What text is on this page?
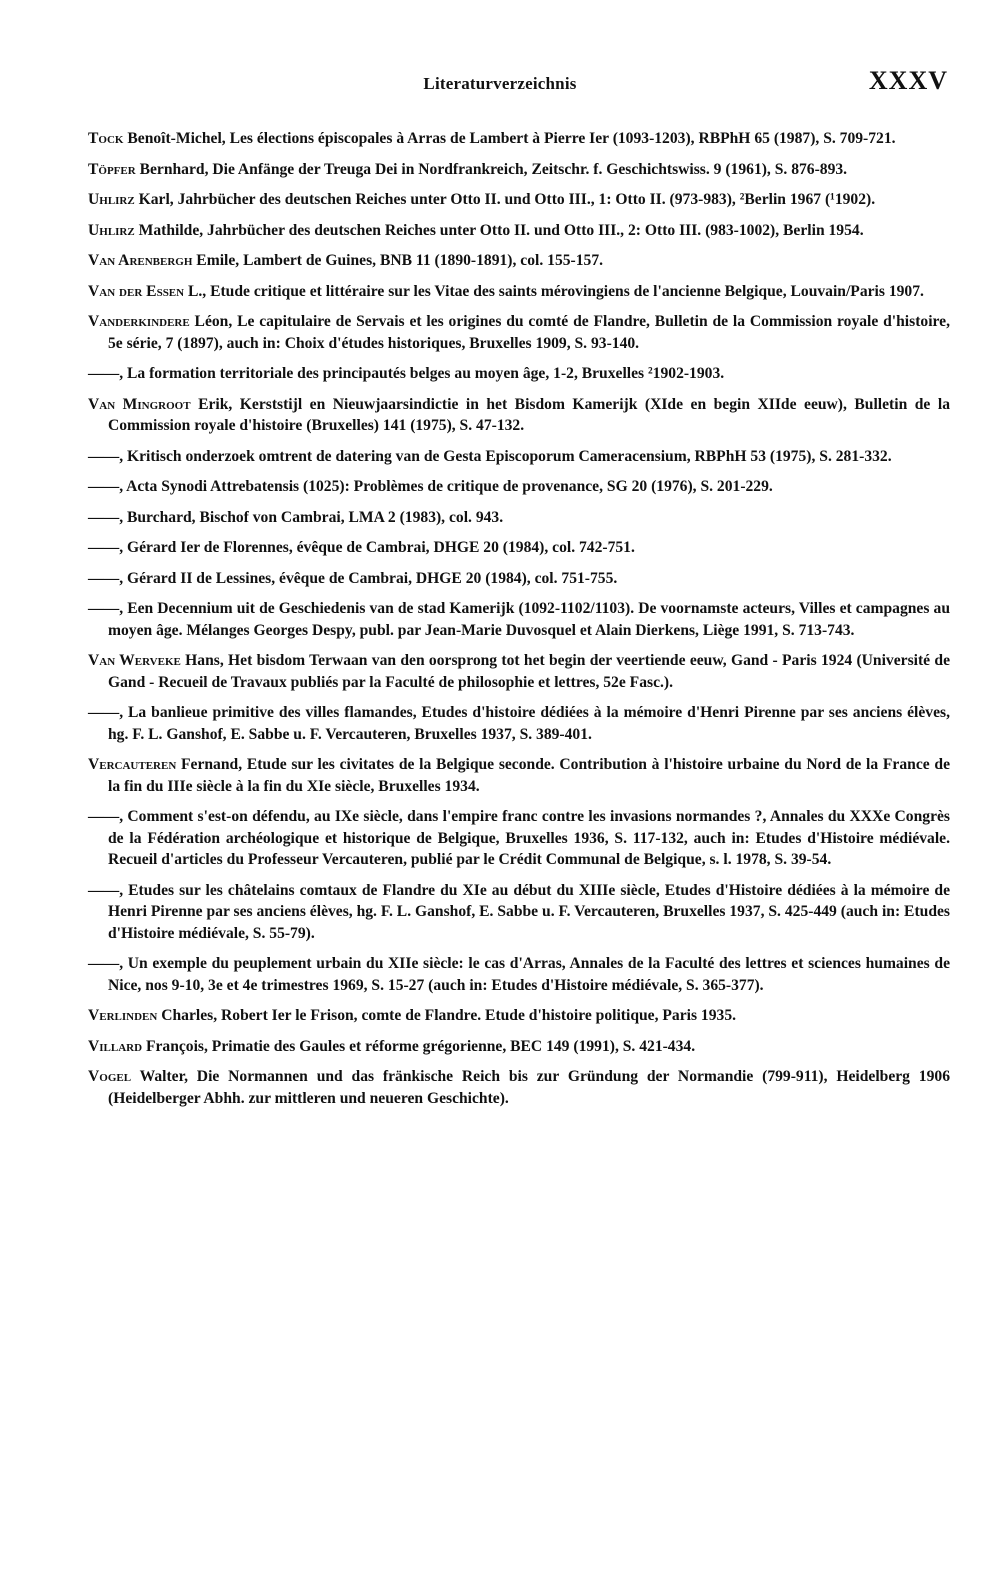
Literaturverzeichnis	XXXV

Tock Benoît-Michel, Les élections épiscopales à Arras de Lambert à Pierre Ier (1093-1203), RBPhH 65 (1987), S. 709-721.

Töpfer Bernhard, Die Anfänge der Treuga Dei in Nordfrankreich, Zeitschr. f. Geschichtswiss. 9 (1961), S. 876-893.

Uhlirz Karl, Jahrbücher des deutschen Reiches unter Otto II. und Otto III., 1: Otto II. (973-983), ²Berlin 1967 (¹1902).

Uhlirz Mathilde, Jahrbücher des deutschen Reiches unter Otto II. und Otto III., 2: Otto III. (983-1002), Berlin 1954.

Van Arenbergh Emile, Lambert de Guines, BNB 11 (1890-1891), col. 155-157.

Van der Essen L., Etude critique et littéraire sur les Vitae des saints mérovingiens de l'ancienne Belgique, Louvain/Paris 1907.

Vanderkindere Léon, Le capitulaire de Servais et les origines du comté de Flandre, Bulletin de la Commission royale d'histoire, 5e série, 7 (1897), auch in: Choix d'études historiques, Bruxelles 1909, S. 93-140.

——, La formation territoriale des principautés belges au moyen âge, 1-2, Bruxelles ²1902-1903.

Van Mingroot Erik, Kerststijl en Nieuwjaarsindictie in het Bisdom Kamerijk (XIde en begin XIIde eeuw), Bulletin de la Commission royale d'histoire (Bruxelles) 141 (1975), S. 47-132.

——, Kritisch onderzoek omtrent de datering van de Gesta Episcoporum Cameracensium, RBPhH 53 (1975), S. 281-332.

——, Acta Synodi Attrebatensis (1025): Problèmes de critique de provenance, SG 20 (1976), S. 201-229.

——, Burchard, Bischof von Cambrai, LMA 2 (1983), col. 943.

——, Gérard Ier de Florennes, évêque de Cambrai, DHGE 20 (1984), col. 742-751.

——, Gérard II de Lessines, évêque de Cambrai, DHGE 20 (1984), col. 751-755.

——, Een Decennium uit de Geschiedenis van de stad Kamerijk (1092-1102/1103). De voornamste acteurs, Villes et campagnes au moyen âge. Mélanges Georges Despy, publ. par Jean-Marie Duvosquel et Alain Dierkens, Liège 1991, S. 713-743.

Van Werveke Hans, Het bisdom Terwaan van den oorsprong tot het begin der veertiende eeuw, Gand - Paris 1924 (Université de Gand - Recueil de Travaux publiés par la Faculté de philosophie et lettres, 52e Fasc.).

——, La banlieue primitive des villes flamandes, Etudes d'histoire dédiées à la mémoire d'Henri Pirenne par ses anciens élèves, hg. F. L. Ganshof, E. Sabbe u. F. Vercauteren, Bruxelles 1937, S. 389-401.

Vercauteren Fernand, Etude sur les civitates de la Belgique seconde. Contribution à l'histoire urbaine du Nord de la France de la fin du IIIe siècle à la fin du XIe siècle, Bruxelles 1934.

——, Comment s'est-on défendu, au IXe siècle, dans l'empire franc contre les invasions normandes ?, Annales du XXXe Congrès de la Fédération archéologique et historique de Belgique, Bruxelles 1936, S. 117-132, auch in: Etudes d'Histoire médiévale. Recueil d'articles du Professeur Vercauteren, publié par le Crédit Communal de Belgique, s. l. 1978, S. 39-54.

——, Etudes sur les châtelains comtaux de Flandre du XIe au début du XIIIe siècle, Etudes d'Histoire dédiées à la mémoire de Henri Pirenne par ses anciens élèves, hg. F. L. Ganshof, E. Sabbe u. F. Vercauteren, Bruxelles 1937, S. 425-449 (auch in: Etudes d'Histoire médiévale, S. 55-79).

——, Un exemple du peuplement urbain du XIIe siècle: le cas d'Arras, Annales de la Faculté des lettres et sciences humaines de Nice, nos 9-10, 3e et 4e trimestres 1969, S. 15-27 (auch in: Etudes d'Histoire médiévale, S. 365-377).

Verlinden Charles, Robert Ier le Frison, comte de Flandre. Etude d'histoire politique, Paris 1935.

Villard François, Primatie des Gaules et réforme grégorienne, BEC 149 (1991), S. 421-434.

Vogel Walter, Die Normannen und das fränkische Reich bis zur Gründung der Normandie (799-911), Heidelberg 1906 (Heidelberger Abhh. zur mittleren und neueren Geschichte).
